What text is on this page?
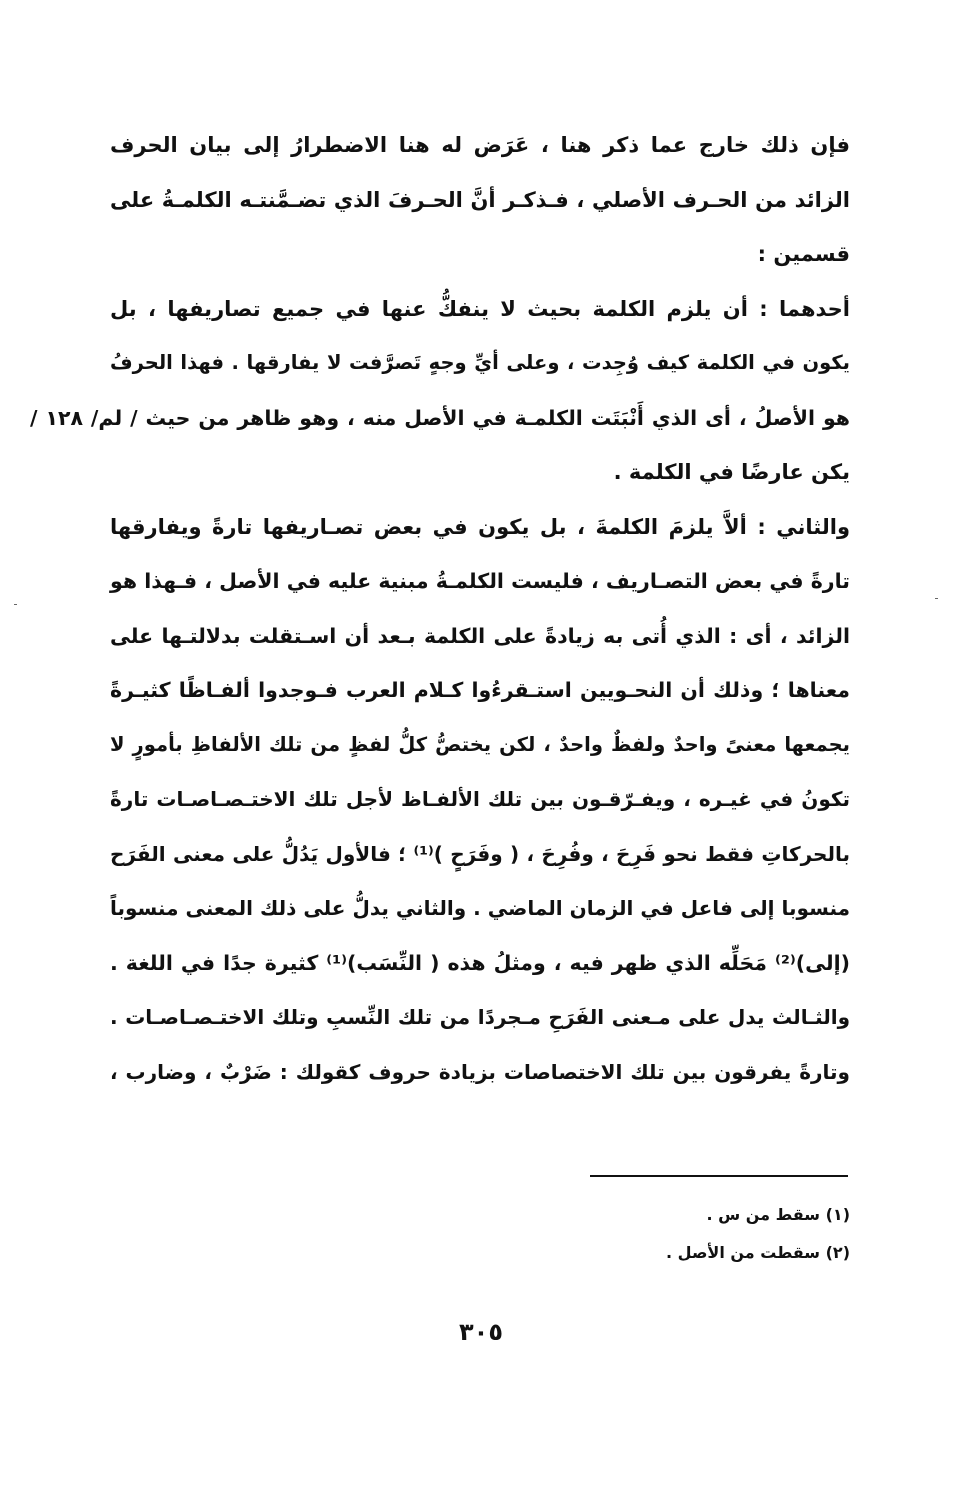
فإن ذلك خارج عما ذكر هنا ، عَرَض له هنا الاضطرارُ إلى بيان الحرف
الزائد من الحـرف الأصلي ، فـذكـر أنَّ الحـرفَ الذي تضـمَّنتـه الكلمـةُ على
قسمين :
أحدهما : أن يلزم الكلمة بحيث لا ينفكُّ عنها في جميع تصاريفها ، بل
يكون في الكلمة كيف وُجِدت ، وعلى أيِّ وجهٍ تَصرَّفت لا يفارقها . فهذا الحرفُ
هو الأصلُ ، أى الذي أَنْبَتَت الكلمـة في الأصل منه ، وهو ظاهر من حيث / لم/ ١٢٨ /
يكن عارضًا في الكلمة .
والثاني : ألاَّ يلزمَ الكلمةَ ، بل يكون في بعض تصـاريفها تارةً ويفارقها
تارةً في بعض التصـاريف ، فليست الكلمـةُ مبنية عليه في الأصل ، فـهذا هو
الزائد ، أى : الذي أُتى به زيادةً على الكلمة بـعد أن اسـتقلت بدلالتـها على
معناها ؛ وذلك أن النحـويين استـقرءُوا كـلام العرب فـوجدوا ألفـاظًا كثيـرةً
يجمعها معنىً واحدٌ ولفظٌ واحدٌ ، لكن يختصُّ كلُّ لفظٍ من تلك الألفاظِ بأمورٍ لا
تكونُ في غيـره ، ويفـرّقـون بين تلك الألفـاظ لأجل تلك الاختـصـاصـات تارةً
بالحركاتِ فقط نحو فَرِحَ ، وفُرِحَ ، ( وفَرَحٍ )⁽¹⁾ ؛ فالأول يَدُلُّ على معنى الفَرَح
منسوبا إلى فاعل في الزمان الماضي . والثاني يدلُّ على ذلك المعنى منسوباً
(إلى)⁽²⁾ مَحَلِّه الذي ظهر فيه ، ومثلُ هذه ( النِّسَب)⁽¹⁾ كثيرة جدًا في اللغة .
والثـالث يدل على مـعنى الفَرَحِ مـجردًا من تلك النِّسبِ وتلك الاختـصـاصـات .
وتارةً يفرقون بين تلك الاختصاصات بزيادة حروف كقولك : ضَرْبٌ ، وضارب ،
(١) سقط من س .
(٢) سقطت من الأصل .
٣٠٥
